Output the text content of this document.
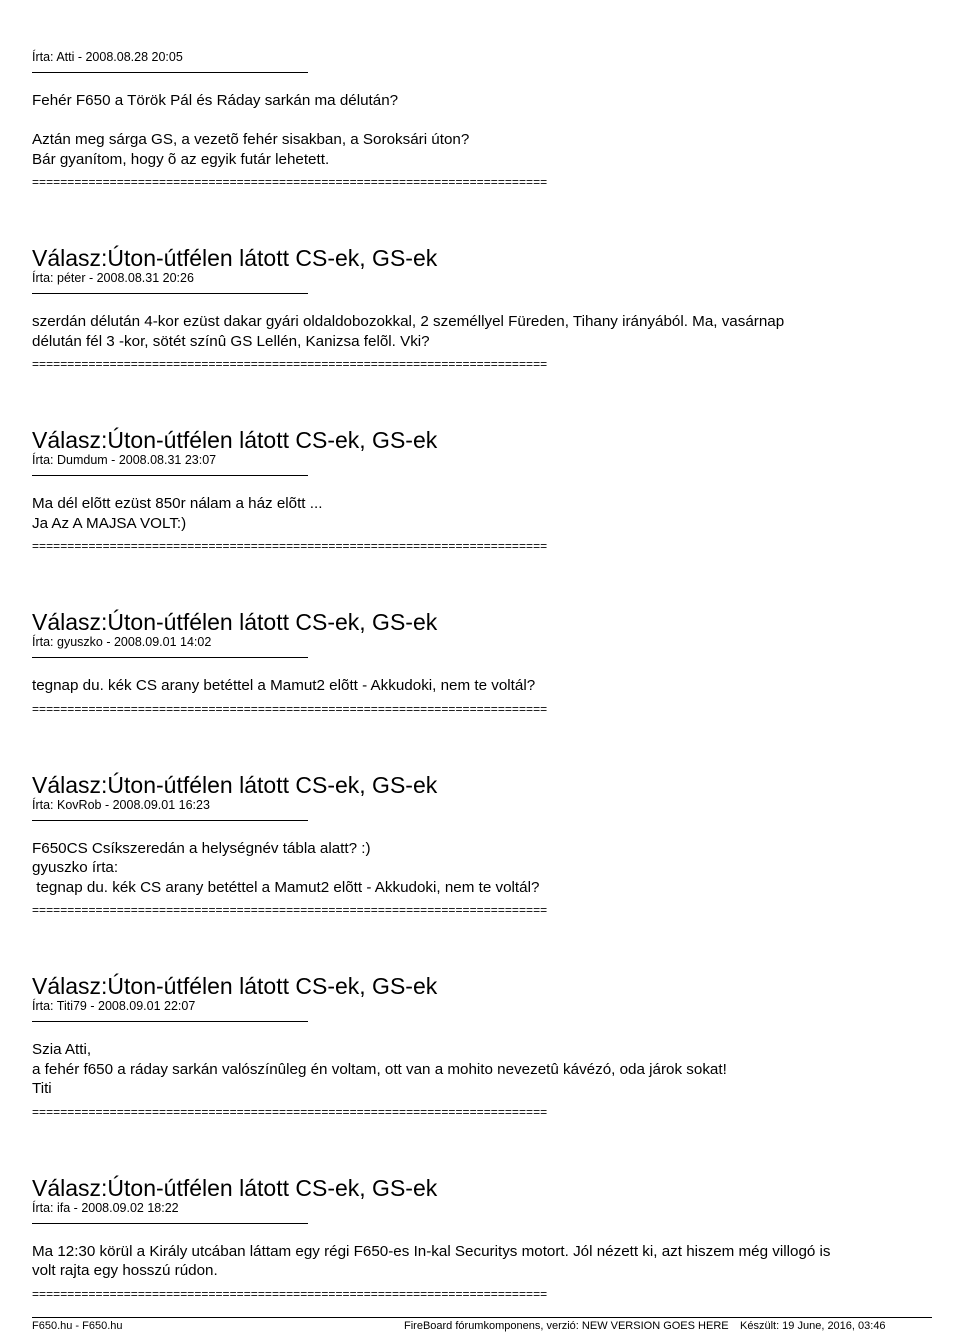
Írta: Atti - 2008.08.28 20:05
Fehér F650 a Török Pál és Ráday sarkán ma délután?
Aztán meg sárga GS, a vezetõ fehér sisakban, a Soroksári úton?
Bár gyanítom, hogy õ az egyik futár lehetett.
=========================================================================
Válasz:Úton-útfélen látott CS-ek, GS-ek
Írta: péter - 2008.08.31 20:26
szerdán délután 4-kor ezüst dakar gyári oldaldobozokkal, 2 személlyel Füreden, Tihany irányából. Ma, vasárnap
délután fél 3 -kor, sötét színû GS Lellén, Kanizsa felõl. Vki?
=========================================================================
Válasz:Úton-útfélen látott CS-ek, GS-ek
Írta: Dumdum - 2008.08.31 23:07
Ma dél elõtt ezüst 850r nálam a ház elõtt ...
Ja Az A MAJSA VOLT:)
=========================================================================
Válasz:Úton-útfélen látott CS-ek, GS-ek
Írta: gyuszko - 2008.09.01 14:02
tegnap du. kék CS arany betéttel a Mamut2 elõtt - Akkudoki, nem te voltál?
=========================================================================
Válasz:Úton-útfélen látott CS-ek, GS-ek
Írta: KovRob - 2008.09.01 16:23
F650CS Csíkszeredán a helységnév tábla alatt? :)
gyuszko írta:
tegnap du. kék CS arany betéttel a Mamut2 elõtt - Akkudoki, nem te voltál?
=========================================================================
Válasz:Úton-útfélen látott CS-ek, GS-ek
Írta: Titi79 - 2008.09.01 22:07
Szia Atti,
a fehér f650 a ráday sarkán valószínûleg én voltam, ott van a mohito nevezetû kávézó, oda járok sokat!
Titi
=========================================================================
Válasz:Úton-útfélen látott CS-ek, GS-ek
Írta: ifa - 2008.09.02 18:22
Ma 12:30 körül a Király utcában láttam egy régi F650-es In-kal Securitys motort. Jól nézett ki, azt hiszem még villogó is
volt rajta egy hosszú rúdon.
=========================================================================
F650.hu - F650.hu	FireBoard fórumkomponens, verzió: NEW VERSION GOES HERE Készült: 19 June, 2016, 03:46
